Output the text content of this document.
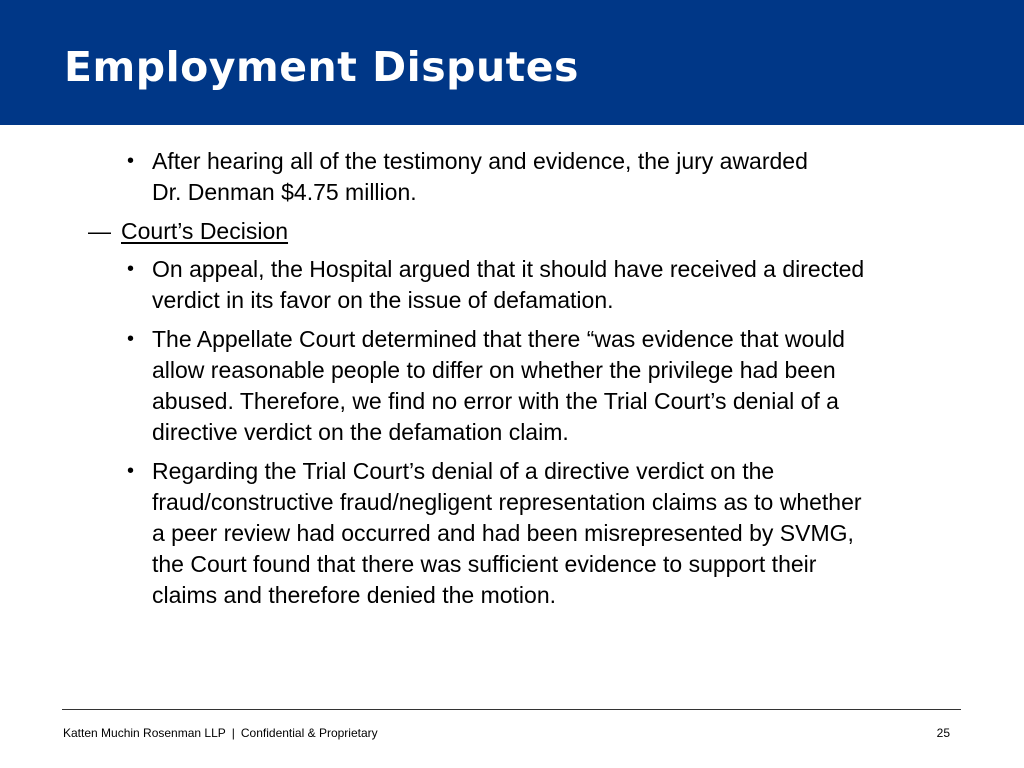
Employment Disputes
• After hearing all of the testimony and evidence, the jury awarded
Dr. Denman $4.75 million.
— Court’s Decision
• On appeal, the Hospital argued that it should have received a directed
verdict in its favor on the issue of defamation.
• The Appellate Court determined that there “was evidence that would
allow reasonable people to differ on whether the privilege had been
abused. Therefore, we find no error with the Trial Court’s denial of a
directive verdict on the defamation claim.
• Regarding the Trial Court’s denial of a directive verdict on the
fraud/constructive fraud/negligent representation claims as to whether
a peer review had occurred and had been misrepresented by SVMG,
the Court found that there was sufficient evidence to support their
claims and therefore denied the motion.
Katten Muchin Rosenman LLP | Confidential & Proprietary	25
